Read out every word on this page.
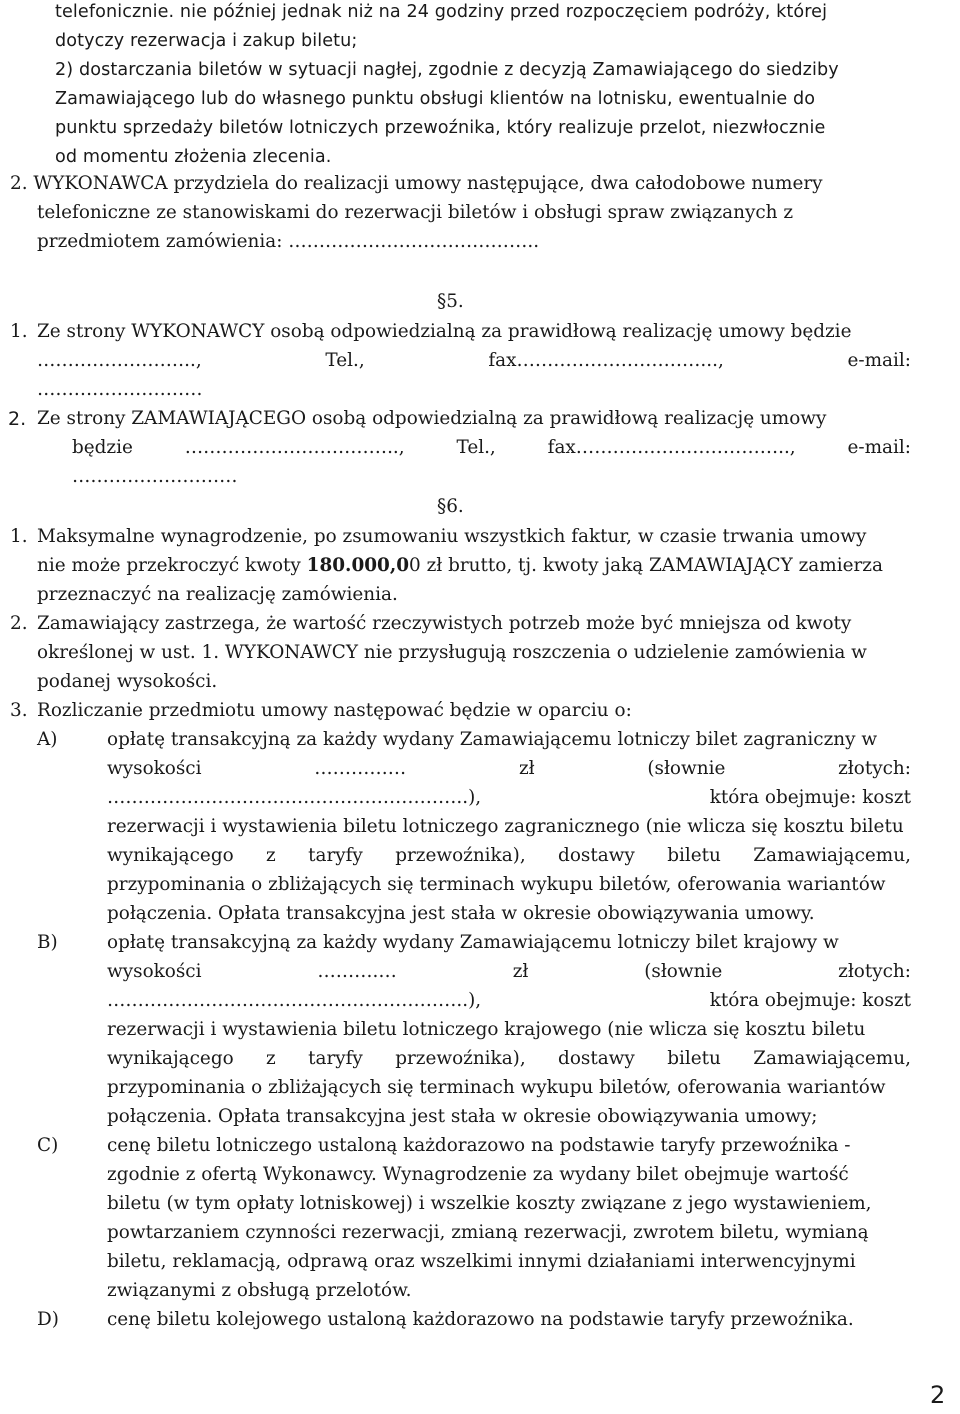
telefonicznie. nie później jednak niż na 24 godziny przed rozpoczęciem podróży, której
dotyczy rezerwacja i zakup biletu;
2) dostarczania biletów w sytuacji nagłej, zgodnie z decyzją Zamawiającego do siedziby
Zamawiającego lub do własnego punktu obsługi klientów na lotnisku, ewentualnie do
punktu sprzedaży biletów lotniczych przewoźnika, który realizuje przelot, niezwłocznie
od momentu złożenia zlecenia.
2. WYKONAWCA przydziela do realizacji umowy następujące, dwa całodobowe numery
telefoniczne ze stanowiskami do rezerwacji biletów i obsługi spraw związanych z
przedmiotem zamówienia: …………………………………..
§5.
1. Ze strony WYKONAWCY osobą odpowiedzialną za prawidłową realizację umowy będzie
……………………..,	Tel.,	fax…………………………...,	e-mail:
………………………
2. Ze strony ZAMAWIAJĄCEGO osobą odpowiedzialną za prawidłową realizację umowy
będzie	……………………………..,	Tel.,	fax……………………………..,	e-mail:
………………………
§6.
1. Maksymalne wynagrodzenie, po zsumowaniu wszystkich faktur, w czasie trwania umowy
nie może przekroczyć kwoty 180.000,00 zł brutto, tj. kwoty jaką ZAMAWIAJĄCY zamierza
przeznaczyć na realizację zamówienia.
2. Zamawiający zastrzega, że wartość rzeczywistych potrzeb może być mniejsza od kwoty
określonej w ust. 1. WYKONAWCY nie przysługują roszczenia o udzielenie zamówienia w
podanej wysokości.
3. Rozliczanie przedmiotu umowy następować będzie w oparciu o:
A)	opłatę transakcyjną za każdy wydany Zamawiającemu lotniczy bilet zagraniczny w
wysokości	……………	zł	(słownie	złotych:
…………………………………………………..),	która obejmuje: koszt
rezerwacji i wystawienia biletu lotniczego zagranicznego (nie wlicza się kosztu biletu
wynikającego z taryfy przewoźnika), dostawy biletu Zamawiającemu,
przypominania o zbliżających się terminach wykupu biletów, oferowania wariantów
połączenia. Opłata transakcyjna jest stała w okresie obowiązywania umowy.
B)	opłatę transakcyjną za każdy wydany Zamawiającemu lotniczy bilet krajowy w
wysokości	……….…	zł	(słownie	złotych:
…………………………………………………..),	która obejmuje: koszt
rezerwacji i wystawienia biletu lotniczego krajowego (nie wlicza się kosztu biletu
wynikającego z taryfy przewoźnika), dostawy biletu Zamawiającemu,
przypominania o zbliżających się terminach wykupu biletów, oferowania wariantów
połączenia. Opłata transakcyjna jest stała w okresie obowiązywania umowy;
C)	cenę biletu lotniczego ustaloną każdorazowo na podstawie taryfy przewoźnika -
zgodnie z ofertą Wykonawcy. Wynagrodzenie za wydany bilet obejmuje wartość
biletu (w tym opłaty lotniskowej) i wszelkie koszty związane z jego wystawieniem,
powtarzaniem czynności rezerwacji, zmianą rezerwacji, zwrotem biletu, wymianą
biletu, reklamacją, odprawą oraz wszelkimi innymi działaniami interwencyjnymi
związanymi z obsługą przelotów.
D)	cenę biletu kolejowego ustaloną każdorazowo na podstawie taryfy przewoźnika.
2
